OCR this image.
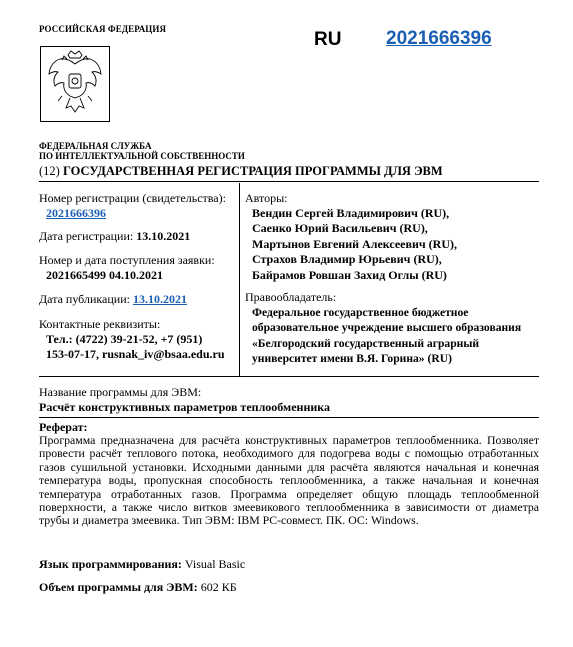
РОССИЙСКАЯ ФЕДЕРАЦИЯ	RU 2021666396
ФЕДЕРАЛЬНАЯ СЛУЖБА
ПО ИНТЕЛЛЕКТУАЛЬНОЙ СОБСТВЕННОСТИ
(12) ГОСУДАРСТВЕННАЯ РЕГИСТРАЦИЯ ПРОГРАММЫ ДЛЯ ЭВМ
Номер регистрации (свидетельства):
2021666396
Дата регистрации: 13.10.2021
Номер и дата поступления заявки:
2021665499 04.10.2021
Дата публикации: 13.10.2021
Контактные реквизиты:
Тел.: (4722) 39-21-52, +7 (951)
153-07-17, rusnak_iv@bsaa.edu.ru
Авторы:
Вендин Сергей Владимирович (RU),
Саенко Юрий Васильевич (RU),
Мартынов Евгений Алексеевич (RU),
Страхов Владимир Юрьевич (RU),
Байрамов Ровшан Захид Оглы (RU)
Правообладатель:
Федеральное государственное бюджетное
образовательное учреждение высшего образования
«Белгородский государственный аграрный
университет имени В.Я. Горина» (RU)
Название программы для ЭВМ:
Расчёт конструктивных параметров теплообменника
Реферат:
Программа предназначена для расчёта конструктивных параметров теплообменника. Позволяет провести расчёт теплового потока, необходимого для подогрева воды с помощью отработанных газов сушильной установки. Исходными данными для расчёта являются начальная и конечная температура воды, пропускная способность теплообменника, а также начальная и конечная температура отработанных газов. Программа определяет общую площадь теплообменной поверхности, а также число витков змеевикового теплообменника в зависимости от диаметра трубы и диаметра змеевика. Тип ЭВМ: IBM PC-совмест. ПК. ОС: Windows.
Язык программирования: Visual Basic
Объем программы для ЭВМ: 602 КБ
